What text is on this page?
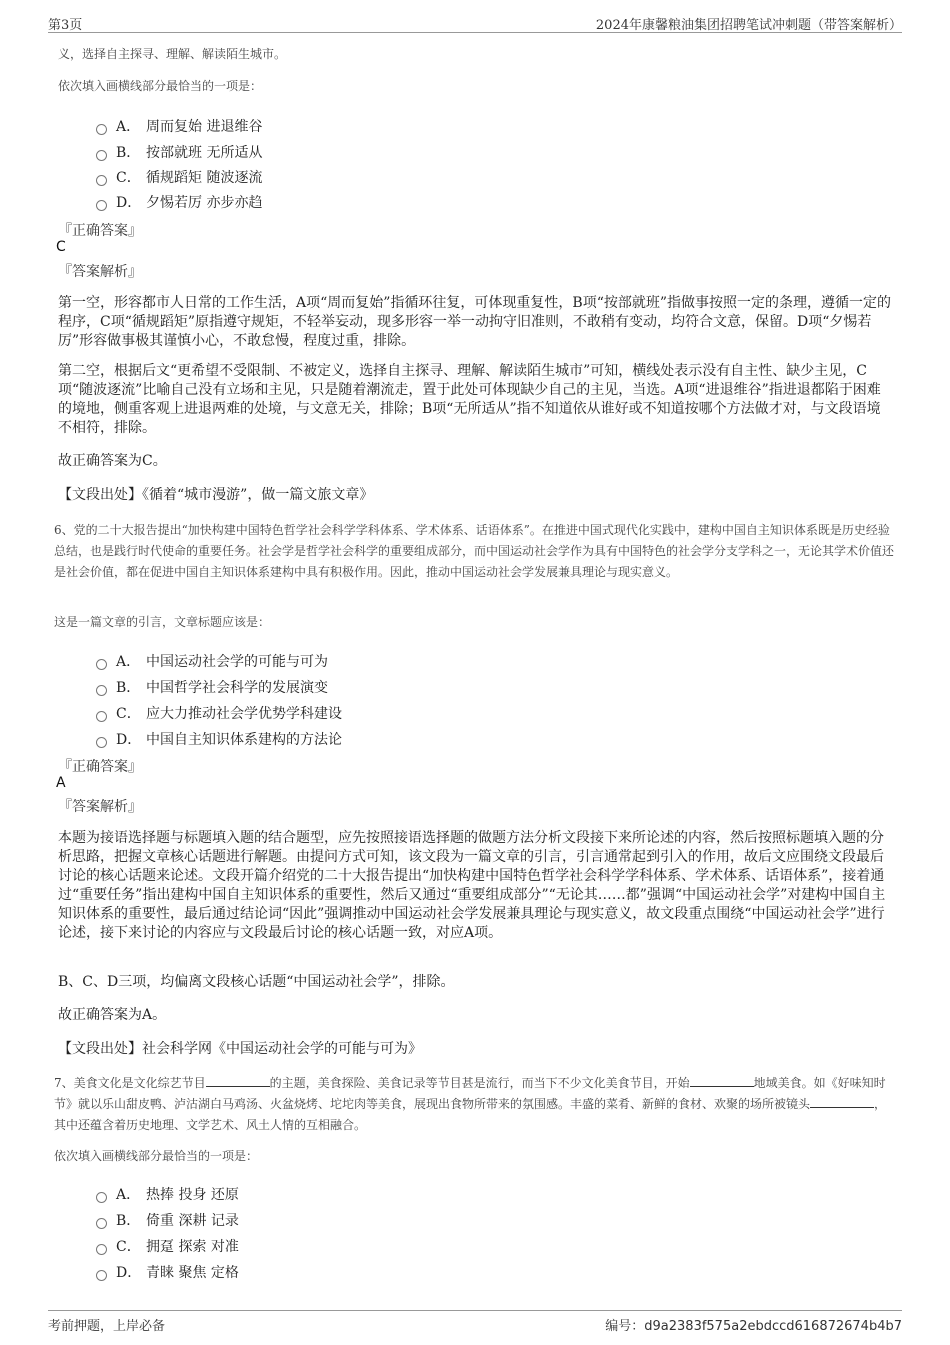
第3页	2024年康馨粮油集团招聘笔试冲刺题（带答案解析）
义，选择自主探寻、理解、解读陌生城市。
依次填入画横线部分最恰当的一项是：
A． 周而复始 进退维谷
B． 按部就班 无所适从
C． 循规蹈矩 随波逐流
D． 夕惕若厉 亦步亦趋
『正确答案』
C
『答案解析』
第一空，形容都市人日常的工作生活，A项“周而复始”指循环往复，可体现重复性，B项“按部就班”指做事按照一定的条理，遵循一定的程序，C项“循规蹈矩”原指遵守规矩，不轻举妄动，现多形容一举一动拘守旧准则，不敢稍有变动，均符合文意，保留。D项“夕惕若厉”形容做事极其谨慎小心，不敢怠慢，程度过重，排除。
第二空，根据后文“更希望不受限制、不被定义，选择自主探寻、理解、解读陌生城市”可知，横线处表示没有自主性、缺少主见，C项“随波逐流”比喻自己没有立场和主见，只是随着潮流走，置于此处可体现缺少自己的主见，当选。A项“进退维谷”指进退都陷于困难的境地，侧重客观上进退两难的处境，与文意无关，排除；B项“无所适从”指不知道依从谁好或不知道按哪个方法做才对，与文段语境不相符，排除。
故正确答案为C。
【文段出处】《循着“城市漫游”，做一篇文旅文章》
6、党的二十大报告提出“加快构建中国特色哲学社会科学学科体系、学术体系、话语体系”。在推进中国式现代化实践中，建构中国自主知识体系既是历史经验总结，也是践行时代使命的重要任务。社会学是哲学社会科学的重要组成部分，而中国运动社会学作为具有中国特色的社会学分支学科之一，无论其学术价值还是社会价值，都在促进中国自主知识体系建构中具有积极作用。因此，推动中国运动社会学发展兼具理论与现实意义。
这是一篇文章的引言，文章标题应该是：
A． 中国运动社会学的可能与可为
B． 中国哲学社会科学的发展演变
C． 应大力推动社会学优势学科建设
D． 中国自主知识体系建构的方法论
『正确答案』
A
『答案解析』
本题为接语选择题与标题填入题的结合题型，应先按照接语选择题的做题方法分析文段接下来所论述的内容，然后按照标题填入题的分析思路，把握文章核心话题进行解题。由提问方式可知，该文段为一篇文章的引言，引言通常起到引入的作用，故后文应围绕文段最后讨论的核心话题来论述。文段开篇介绍党的二十大报告提出“加快构建中国特色哲学社会科学学科体系、学术体系、话语体系”，接着通过“重要任务”指出建构中国自主知识体系的重要性，然后又通过“重要组成部分”“无论其……都”强调“中国运动社会学”对建构中国自主知识体系的重要性，最后通过结论词“因此”强调推动中国运动社会学发展兼具理论与现实意义，故文段重点围绕“中国运动社会学”进行论述，接下来讨论的内容应与文段最后讨论的核心话题一致，对应A项。
B、C、D三项，均偏离文段核心话题“中国运动社会学”，排除。
故正确答案为A。
【文段出处】社会科学网《中国运动社会学的可能与可为》
7、美食文化是文化综艺节目	的主题，美食探险、美食记录等节目甚是流行，而当下不少文化美食节目，开始	地域美食。如《好味知时节》就以乐山甜皮鸭、泸沽湖白马鸡汤、火盆烧烤、坨坨肉等美食，展现出食物所带来的氛围感。丰盛的菜肴、新鲜的食材、欢聚的场所被镜头	，其中还蕴含着历史地理、文学艺术、风土人情的互相融合。
依次填入画横线部分最恰当的一项是：
A． 热捧 投身 还原
B． 倚重 深耕 记录
C． 拥趸 探索 对准
D． 青睐 聚焦 定格
考前押题，上岸必备	编号：d9a2383f575a2ebdccd616872674b4b7
